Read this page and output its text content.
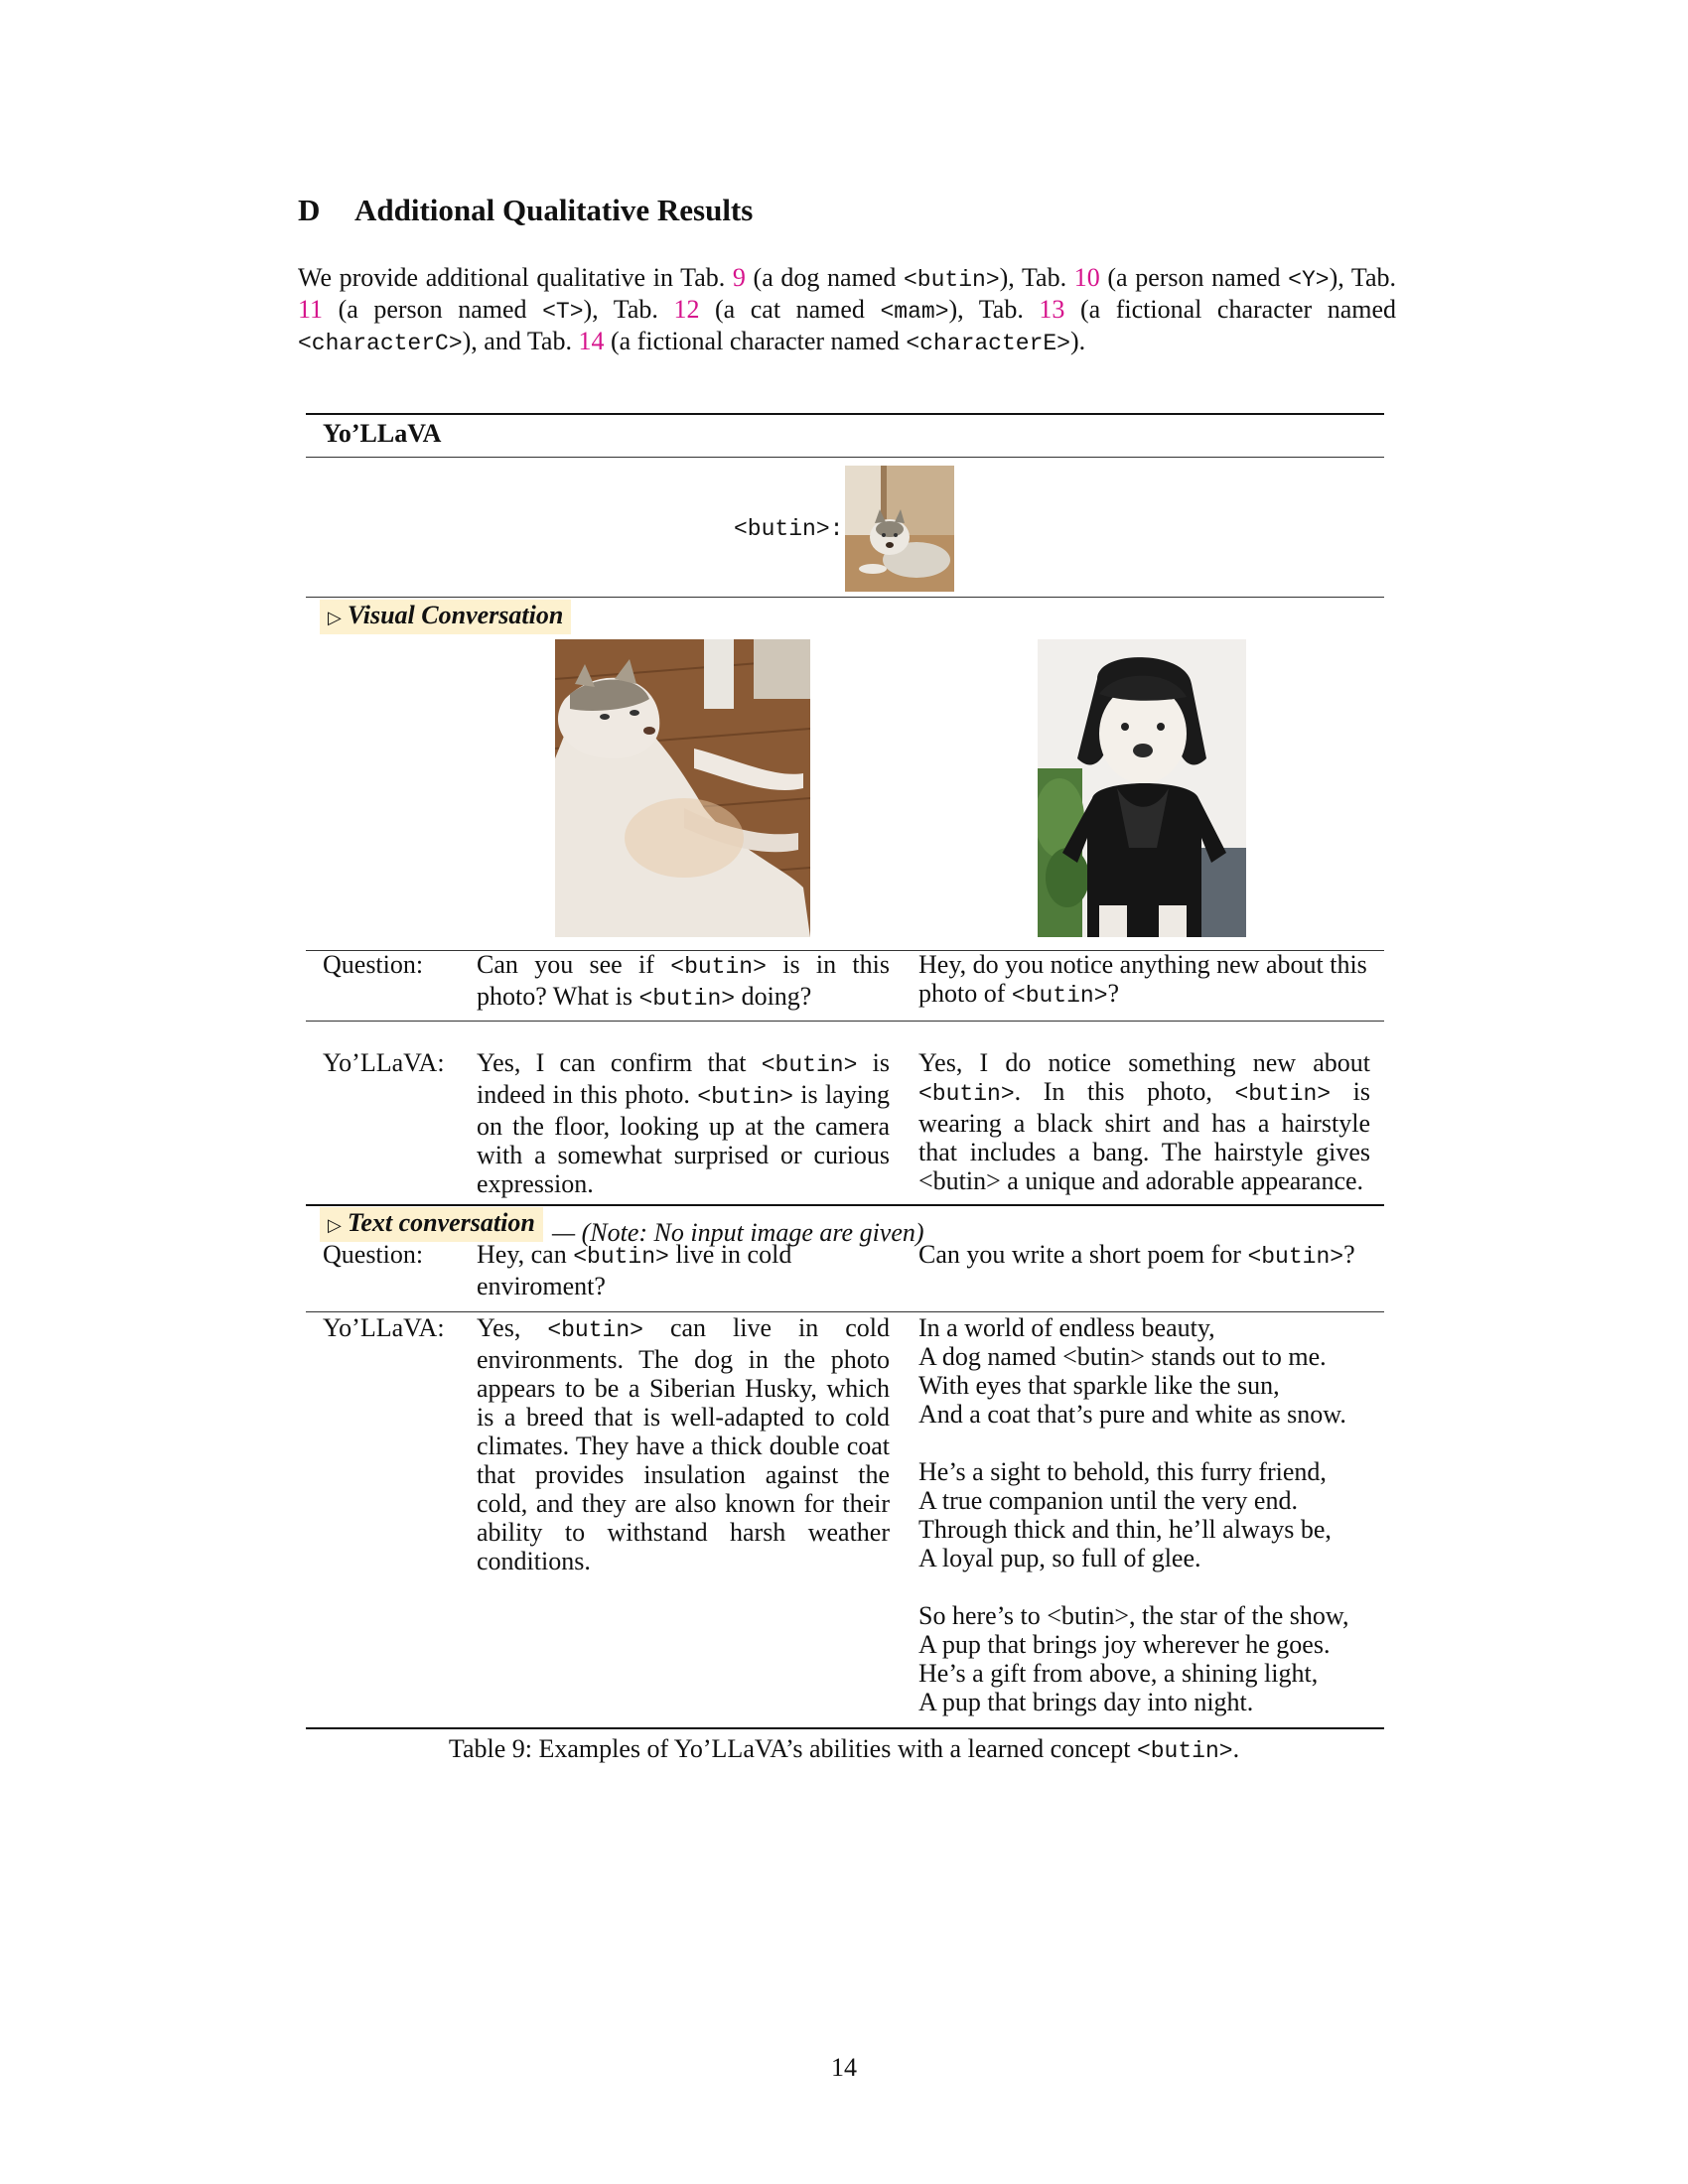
D Additional Qualitative Results

We provide additional qualitative in Tab. 9 (a dog named <butin>), Tab. 10 (a person named <Y>), Tab. 11 (a person named <T>), Tab. 12 (a cat named <mam>), Tab. 13 (a fictional character named <characterC>), and Tab. 14 (a fictional character named <characterE>).

Yo’LLaVA
<butin>:
▷ Visual Conversation
Question: Can you see if <butin> is in this photo? What is <butin> doing?

Hey, do you notice anything new about this photo of <butin>?

Yo’LLaVA: Yes, I can confirm that <butin> is indeed in this photo. <butin> is laying on the floor, looking up at the camera with a somewhat surprised or curious expression.

Yes, I do notice something new about <butin>. In this photo, <butin> is wearing a black shirt and has a hairstyle that includes a bang. The hairstyle gives <butin> a unique and adorable appearance.

▷ Text conversation — (Note: No input image are given)
Question: Hey, can <butin> live in cold enviroment?

Can you write a short poem for <butin>?

Yo’LLaVA: Yes, <butin> can live in cold environments. The dog in the photo appears to be a Siberian Husky, which is a breed that is well-adapted to cold climates. They have a thick double coat that provides insulation against the cold, and they are also known for their ability to withstand harsh weather conditions.

In a world of endless beauty,
A dog named <butin> stands out to me.
With eyes that sparkle like the sun,
And a coat that’s pure and white as snow.

He’s a sight to behold, this furry friend,
A true companion until the very end.
Through thick and thin, he’ll always be,
A loyal pup, so full of glee.

So here’s to <butin>, the star of the show,
A pup that brings joy wherever he goes.
He’s a gift from above, a shining light,
A pup that brings day into night.

Table 9: Examples of Yo’LLaVA’s abilities with a learned concept <butin>.
14
